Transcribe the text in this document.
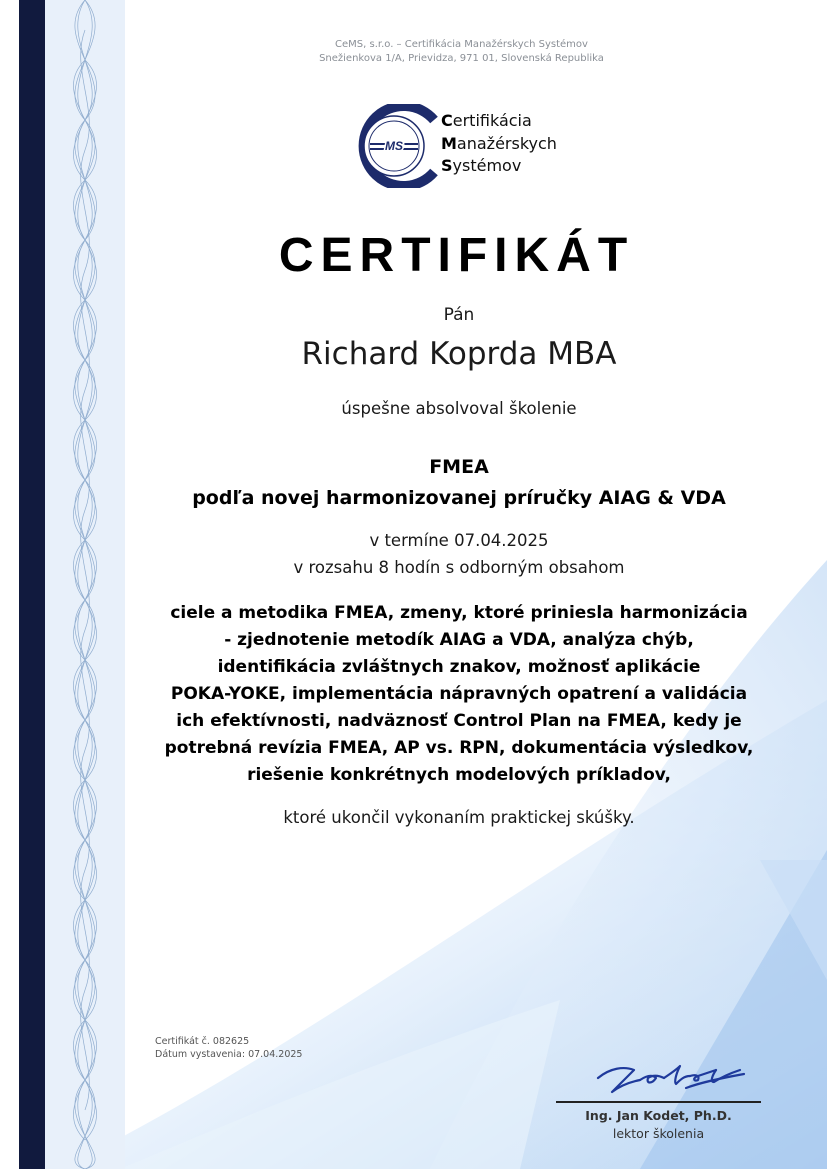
CeMS, s.r.o. – Certifikácia Manažérskych Systémov
Snežienkova 1/A, Prievidza, 971 01, Slovenská Republika
MS
Certifikácia
Manažérskych
Systémov
CERTIFIKÁT
Pán
Richard Koprda MBA
úspešne absolvoval školenie
FMEA
podľa novej harmonizovanej príručky AIAG & VDA
v termíne 07.04.2025
v rozsahu 8 hodín s odborným obsahom
ciele a metodika FMEA, zmeny, ktoré priniesla harmonizácia
- zjednotenie metodík AIAG a VDA, analýza chýb,
identifikácia zvláštnych znakov, možnosť aplikácie
POKA-YOKE, implementácia nápravných opatrení a validácia
ich efektívnosti, nadväznosť Control Plan na FMEA, kedy je
potrebná revízia FMEA, AP vs. RPN, dokumentácia výsledkov,
riešenie konkrétnych modelových príkladov,
ktoré ukončil vykonaním praktickej skúšky.
Certifikát č. 082625
Dátum vystavenia: 07.04.2025
Ing. Jan Kodet, Ph.D.
lektor školenia
